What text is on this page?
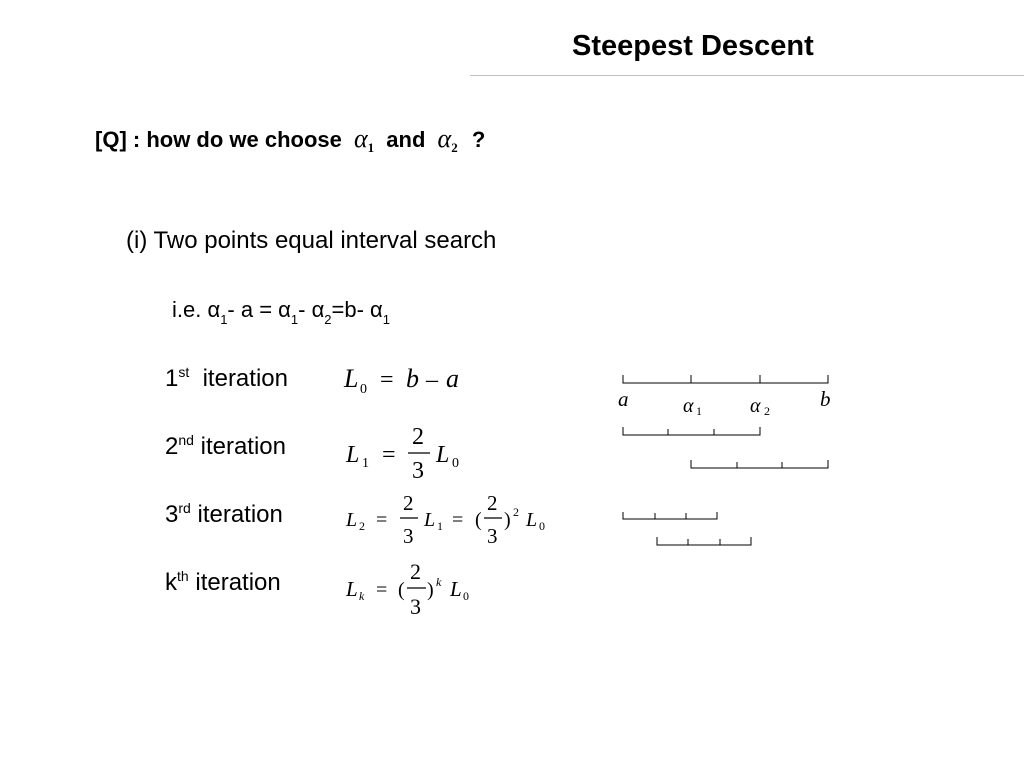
Steepest Descent
[Q] : how do we choose $\alpha_1$ and $\alpha_2$ ?
(i) Two points equal interval search
i.e. $\alpha_1-$ $a = \alpha_1-$ $\alpha_2=b-$ $\alpha_1$
1st iteration
2nd iteration
3rd iteration
$k^{th}$ iteration
L 0 = b – a
L 1 =
2
3
L 0
L 2 =
2
3
L 1 = (
2
3
) 2 L 0
L k = (
2
3
) k L 0
a	α 1 α 2 b
